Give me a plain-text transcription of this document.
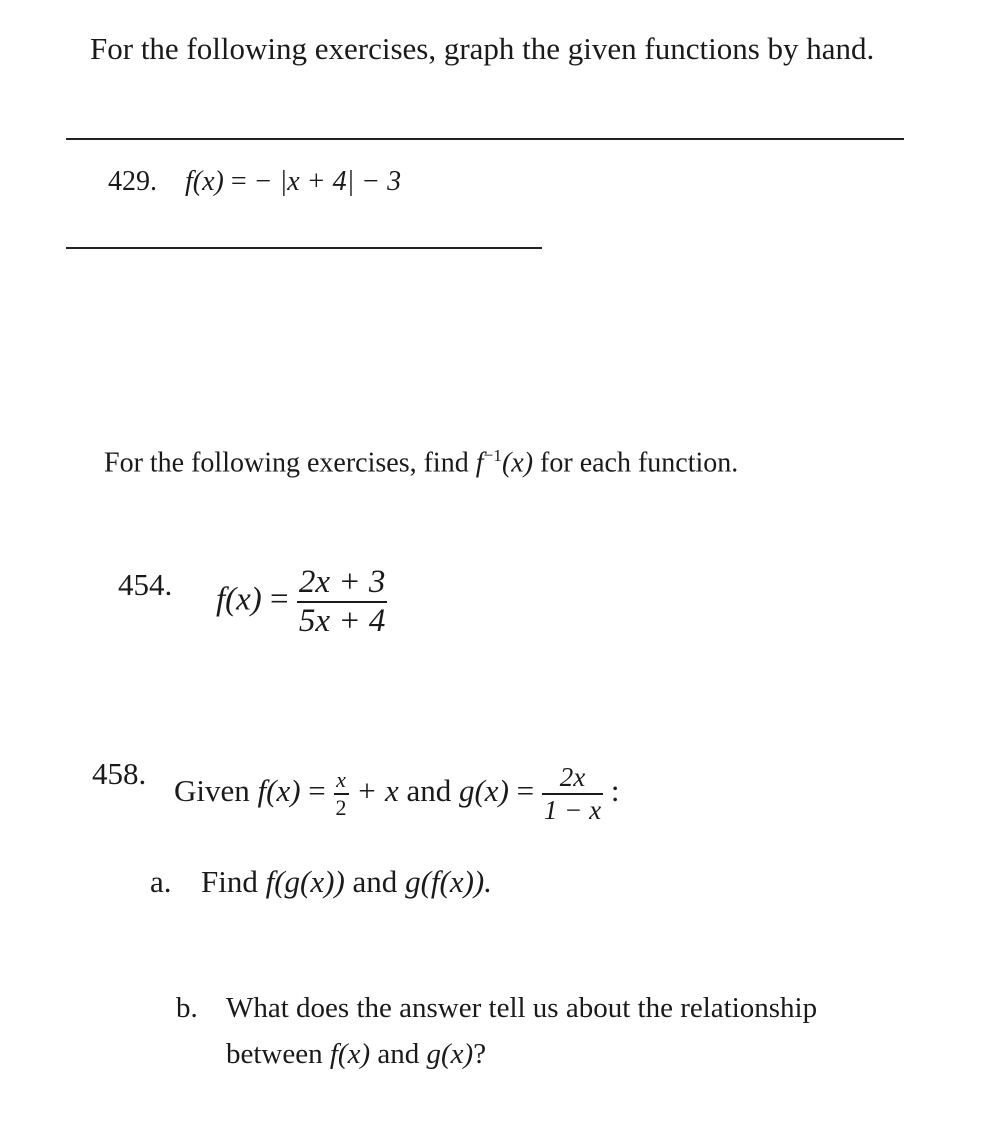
For the following exercises, graph the given functions by hand.
429. f(x) = − |x + 4| − 3
For the following exercises, find $f^{-1}(x)$ for each function.
454. $f(x) = \frac{2x + 3}{5x + 4}$
458. Given $f(x) = \frac{x}{2} + x$ and $g(x) = \frac{2x}{1 - x}$ :
a. Find f(g(x)) and g(f(x)).
b. What does the answer tell us about the relationship
between f(x) and g(x)?
